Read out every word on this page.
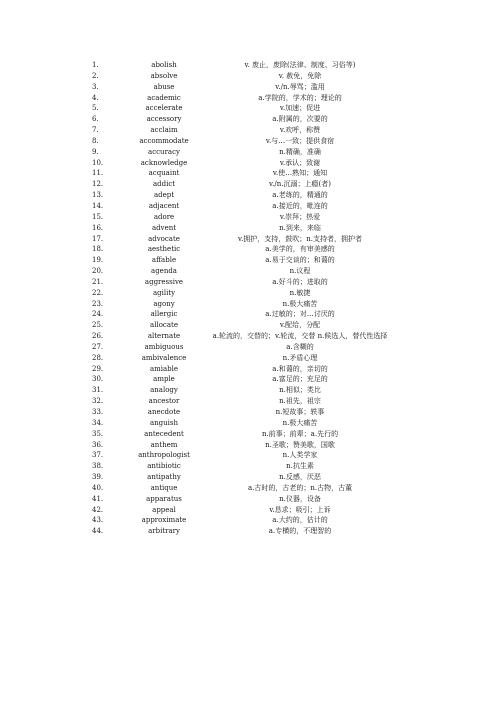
1.	abolish	v. 废止，废除(法律、制度、习俗等)
2.	absolve	v. 赦免，免除
3.	abuse	v./n.辱骂；滥用
4.	academic	a.学院的，学术的；理论的
5.	accelerate	v.加速；促进
6.	accessory	a.附属的，次要的
7.	acclaim	v.欢呼，称赞
8.	accommodate	v.与…一致；提供食宿
9.	accuracy	n.精确，准确
10.	acknowledge	v.承认；致谢
11.	acquaint	v.使…熟知；通知
12.	addict	v./n.沉溺；上瘾(者)
13.	adept	a.老练的，精通的
14.	adjacent	a.接近的，毗连的
15.	adore	v.崇拜；热爱
16.	advent	n.到来，来临
17.	advocate	v.拥护，支持，鼓吹；n.支持者，拥护者
18.	aesthetic	a.美学的，有审美感的
19.	affable	a.易于交谈的；和蔼的
20.	agenda	n.议程
21.	aggressive	a.好斗的；进取的
22.	agility	n.敏捷
23.	agony	n.极大痛苦
24.	allergic	a.过敏的；对…讨厌的
25.	allocate	v.配给，分配
26.	alternate	a.轮流的，交替的；v.轮流，交替 n.候选人，替代性选择
27.	ambiguous	a.含糊的
28.	ambivalence	n.矛盾心理
29.	amiable	a.和蔼的，亲切的
30.	ample	a.富足的；充足的
31.	analogy	n.相似；类比
32.	ancestor	n.祖先，祖宗
33.	anecdote	n.短故事；轶事
34.	anguish	n.极大痛苦
35.	antecedent	n.前事；前辈；a.先行的
36.	anthem	n.圣歌；赞美歌，国歌
37.	anthropologist	n.人类学家
38.	antibiotic	n.抗生素
39.	antipathy	n.反感，厌恶
40.	antique	a.古时的，古老的；n.古物，古董
41.	apparatus	n.仪器，设备
42.	appeal	v.恳求；吸引；上诉
43.	approximate	a.大约的，估计的
44.	arbitrary	a.专横的，不理智的
